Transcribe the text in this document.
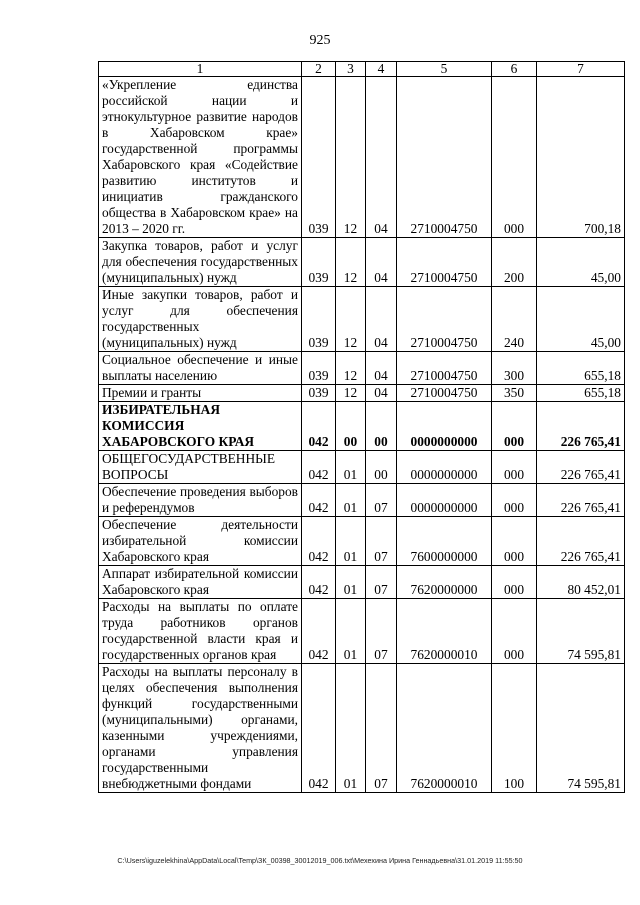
925
1	2	3	4	5	6	7
«Укрепление единства российской нации и этнокультурное развитие народов в Хабаровском крае» государственной программы Хабаровского края «Содействие развитию институтов и инициатив гражданского общества в Хабаровском крае» на 2013 – 2020 гг.	039	12	04	2710004750	000	700,18
Закупка товаров, работ и услуг для обеспечения государственных (муниципальных) нужд	039	12	04	2710004750	200	45,00
Иные закупки товаров, работ и услуг для обеспечения государственных (муниципальных) нужд	039	12	04	2710004750	240	45,00
Социальное обеспечение и иные выплаты населению	039	12	04	2710004750	300	655,18
Премии и гранты	039	12	04	2710004750	350	655,18
ИЗБИРАТЕЛЬНАЯ КОМИССИЯ ХАБАРОВСКОГО КРАЯ	042	00	00	0000000000	000	226 765,41
ОБЩЕГОСУДАРСТВЕННЫЕ ВОПРОСЫ	042	01	00	0000000000	000	226 765,41
Обеспечение проведения выборов и референдумов	042	01	07	0000000000	000	226 765,41
Обеспечение деятельности избирательной комиссии Хабаровского края	042	01	07	7600000000	000	226 765,41
Аппарат избирательной комиссии Хабаровского края	042	01	07	7620000000	000	80 452,01
Расходы на выплаты по оплате труда работников органов государственной власти края и государственных органов края	042	01	07	7620000010	000	74 595,81
Расходы на выплаты персоналу в целях обеспечения выполнения функций государственными (муниципальными) органами, казенными учреждениями, органами управления государственными внебюджетными фондами	042	01	07	7620000010	100	74 595,81
C:\Users\iguzelekhina\AppData\Local\Temp\ЗК_00398_30012019_006.txt\Мехехина Ирина Геннадьевна\31.01.2019 11:55:50
